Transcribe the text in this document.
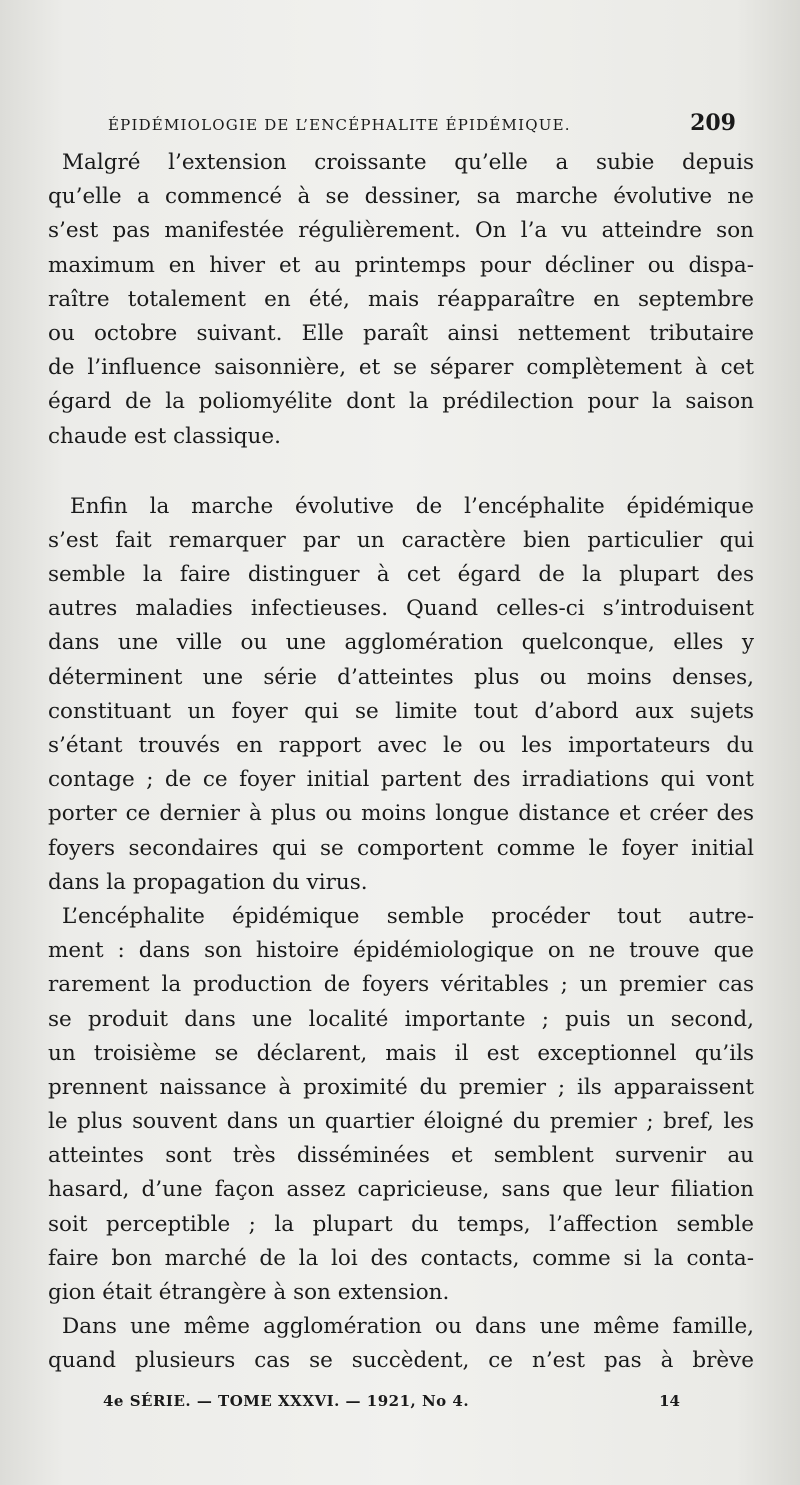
ÉPIDÉMIOLOGIE DE L’ENCÉPHALITE ÉPIDÉMIQUE.	209
Malgré l’extension croissante qu’elle a subie depuis
qu’elle a commencé à se dessiner, sa marche évolutive ne
s’est pas manifestée régulièrement. On l’a vu atteindre son
maximum en hiver et au printemps pour décliner ou dispa-
raître totalement en été, mais réapparaître en septembre
ou octobre suivant. Elle paraît ainsi nettement tributaire
de l’influence saisonnière, et se séparer complètement à cet
égard de la poliomyélite dont la prédilection pour la saison
chaude est classique.
Enfin la marche évolutive de l’encéphalite épidémique
s’est fait remarquer par un caractère bien particulier qui
semble la faire distinguer à cet égard de la plupart des
autres maladies infectieuses. Quand celles-ci s’introduisent
dans une ville ou une agglomération quelconque, elles y
déterminent une série d’atteintes plus ou moins denses,
constituant un foyer qui se limite tout d’abord aux sujets
s’étant trouvés en rapport avec le ou les importateurs du
contage ; de ce foyer initial partent des irradiations qui vont
porter ce dernier à plus ou moins longue distance et créer des
foyers secondaires qui se comportent comme le foyer initial
dans la propagation du virus.
L’encéphalite épidémique semble procéder tout autre-
ment : dans son histoire épidémiologique on ne trouve que
rarement la production de foyers véritables ; un premier cas
se produit dans une localité importante ; puis un second,
un troisième se déclarent, mais il est exceptionnel qu’ils
prennent naissance à proximité du premier ; ils apparaissent
le plus souvent dans un quartier éloigné du premier ; bref, les
atteintes sont très disséminées et semblent survenir au
hasard, d’une façon assez capricieuse, sans que leur filiation
soit perceptible ; la plupart du temps, l’affection semble
faire bon marché de la loi des contacts, comme si la conta-
gion était étrangère à son extension.
Dans une même agglomération ou dans une même famille,
quand plusieurs cas se succèdent, ce n’est pas à brève
4e SÉRIE. — TOME XXXVI. — 1921, No 4.	14
